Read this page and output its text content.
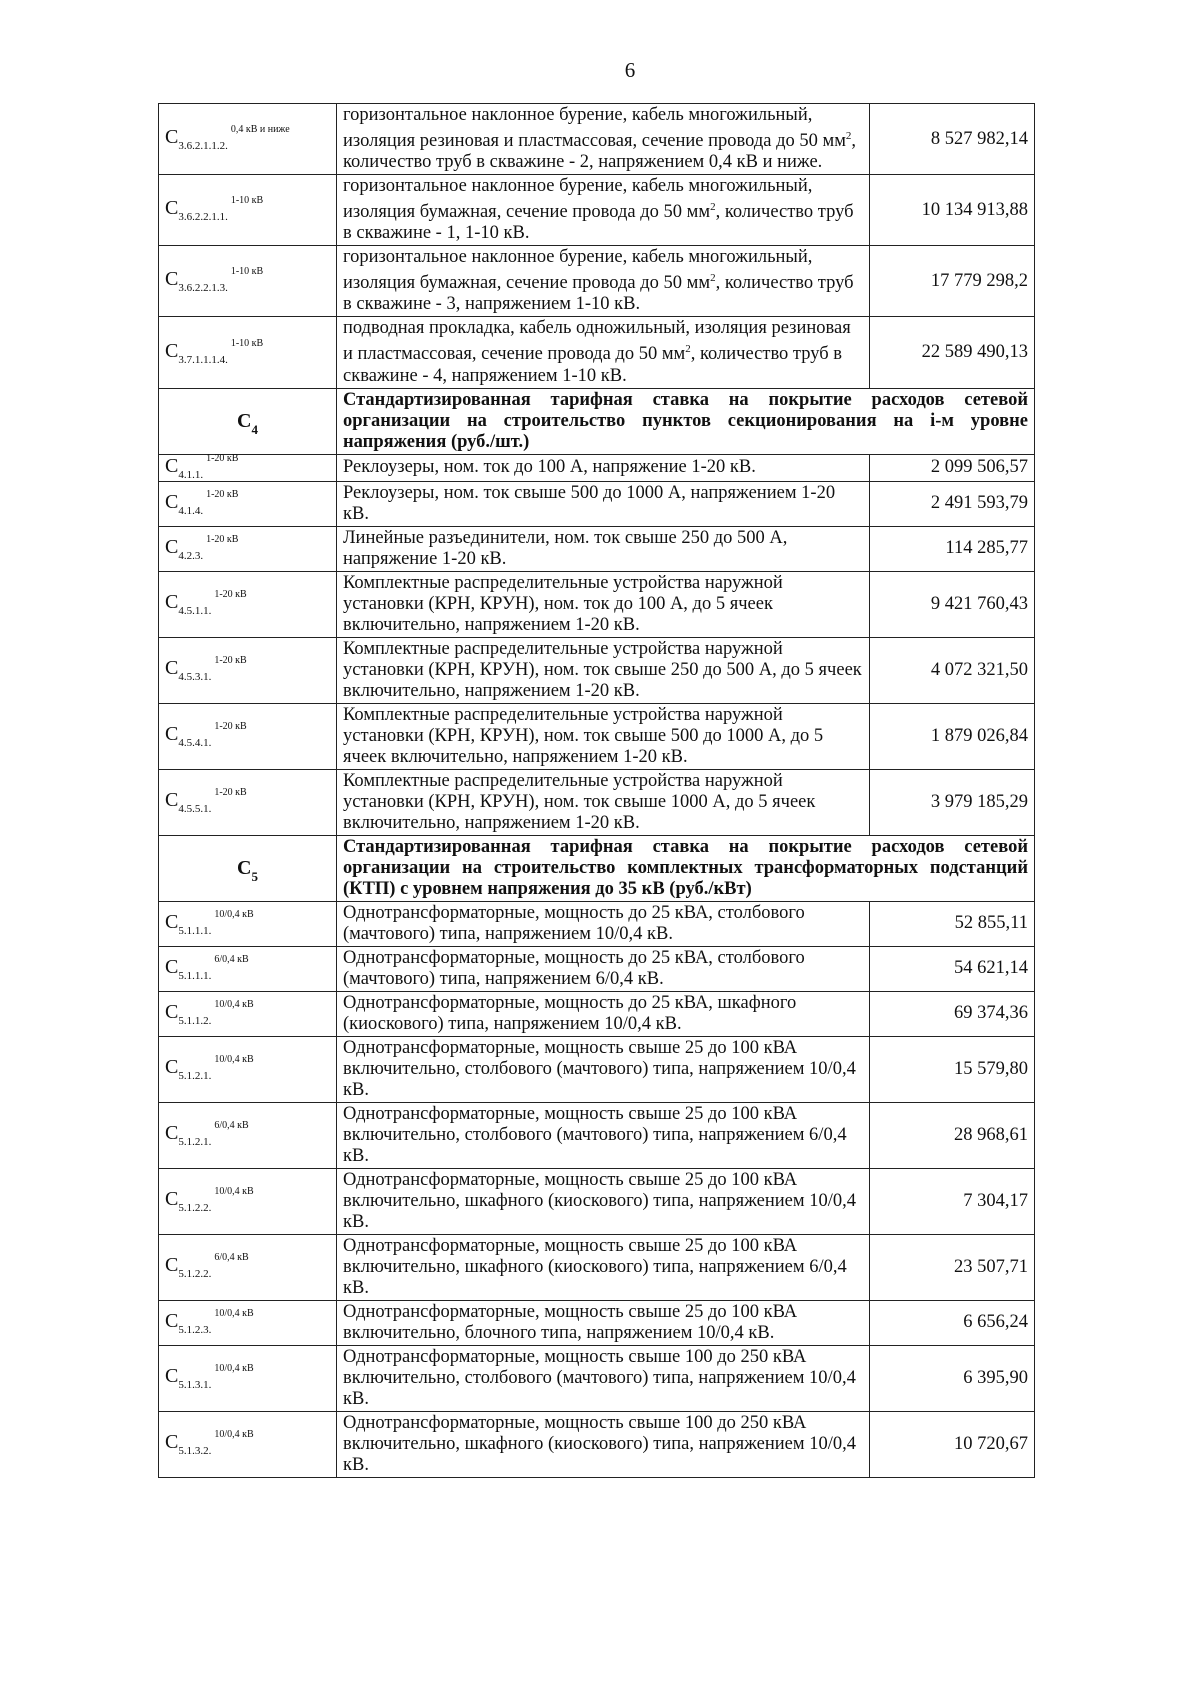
6
$C_{3.6.2.1.1.2.}^{0,4 кВ и ниже}$	горизонтальное наклонное бурение, кабель многожильный, изоляция резиновая и пластмассовая, сечение провода до 50 $мм^2$, количество труб в скважине - 2, напряжением 0,4 кВ и ниже.	8 527 982,14
$C_{3.6.2.2.1.1.}^{1-10 кВ}$	горизонтальное наклонное бурение, кабель многожильный, изоляция бумажная, сечение провода до 50 $мм^2$, количество труб в скважине - 1, 1-10 кВ.	10 134 913,88
$C_{3.6.2.2.1.3.}^{1-10 кВ}$	горизонтальное наклонное бурение, кабель многожильный, изоляция бумажная, сечение провода до 50 $мм^2$, количество труб в скважине - 3, напряжением 1-10 кВ.	17 779 298,2
$C_{3.7.1.1.1.4.}^{1-10 кВ}$	подводная прокладка, кабель одножильный, изоляция резиновая и пластмассовая, сечение провода до 50 $мм^2$, количество труб в скважине - 4, напряжением 1-10 кВ.	22 589 490,13
$C_4$	Стандартизированная тарифная ставка на покрытие расходов сетевой организации на строительство пунктов секционирования на i-м уровне напряжения (руб./шт.)	

$C_{4.1.1.}^{1-20 кВ}$	Реклоузеры, ном. ток до 100 А, напряжение 1-20 кВ.	2 099 506,57
$C_{4.1.4.}^{1-20 кВ}$	Реклоузеры, ном. ток свыше 500 до 1000 А, напряжением 1-20 кВ.	2 491 593,79
$C_{4.2.3.}^{1-20 кВ}$	Линейные разъединители, ном. ток свыше 250 до 500 А, напряжение 1-20 кВ.	114 285,77
$C_{4.5.1.1.}^{1-20 кВ}$	Комплектные распределительные устройства наружной установки (КРН, КРУН), ном. ток до 100 А, до 5 ячеек включительно, напряжением 1-20 кВ.	9 421 760,43
$C_{4.5.3.1.}^{1-20 кВ}$	Комплектные распределительные устройства наружной установки (КРН, КРУН), ном. ток свыше 250 до 500 А, до 5 ячеек включительно, напряжением 1-20 кВ.	4 072 321,50
$C_{4.5.4.1.}^{1-20 кВ}$	Комплектные распределительные устройства наружной установки (КРН, КРУН), ном. ток свыше 500 до 1000 А, до 5 ячеек включительно, напряжением 1-20 кВ.	1 879 026,84
$C_{4.5.5.1.}^{1-20 кВ}$	Комплектные распределительные устройства наружной установки (КРН, КРУН), ном. ток свыше 1000 А, до 5 ячеек включительно, напряжением 1-20 кВ.	3 979 185,29
$C_5$	Стандартизированная тарифная ставка на покрытие расходов сетевой организации на строительство комплектных трансформаторных подстанций (КТП) с уровнем напряжения до 35 кВ (руб./кВт)	

$C_{5.1.1.1.}^{10/0,4 кВ}$	Однотрансформаторные, мощность до 25 кВА, столбового (мачтового) типа, напряжением 10/0,4 кВ.	52 855,11
$C_{5.1.1.1.}^{6/0,4 кВ}$	Однотрансформаторные, мощность до 25 кВА, столбового (мачтового) типа, напряжением 6/0,4 кВ.	54 621,14
$C_{5.1.1.2.}^{10/0,4 кВ}$	Однотрансформаторные, мощность до 25 кВА, шкафного (киоскового) типа, напряжением 10/0,4 кВ.	69 374,36
$C_{5.1.2.1.}^{10/0,4 кВ}$	Однотрансформаторные, мощность свыше 25 до 100 кВА включительно, столбового (мачтового) типа, напряжением 10/0,4 кВ.	15 579,80
$C_{5.1.2.1.}^{6/0,4 кВ}$	Однотрансформаторные, мощность свыше 25 до 100 кВА включительно, столбового (мачтового) типа, напряжением 6/0,4 кВ.	28 968,61
$C_{5.1.2.2.}^{10/0,4 кВ}$	Однотрансформаторные, мощность свыше 25 до 100 кВА включительно, шкафного (киоскового) типа, напряжением 10/0,4 кВ.	7 304,17
$C_{5.1.2.2.}^{6/0,4 кВ}$	Однотрансформаторные, мощность свыше 25 до 100 кВА включительно, шкафного (киоскового) типа, напряжением 6/0,4 кВ.	23 507,71
$C_{5.1.2.3.}^{10/0,4 кВ}$	Однотрансформаторные, мощность свыше 25 до 100 кВА включительно, блочного типа, напряжением 10/0,4 кВ.	6 656,24
$C_{5.1.3.1.}^{10/0,4 кВ}$	Однотрансформаторные, мощность свыше 100 до 250 кВА включительно, столбового (мачтового) типа, напряжением 10/0,4 кВ.	6 395,90
$C_{5.1.3.2.}^{10/0,4 кВ}$	Однотрансформаторные, мощность свыше 100 до 250 кВА включительно, шкафного (киоскового) типа, напряжением 10/0,4 кВ.	10 720,67
